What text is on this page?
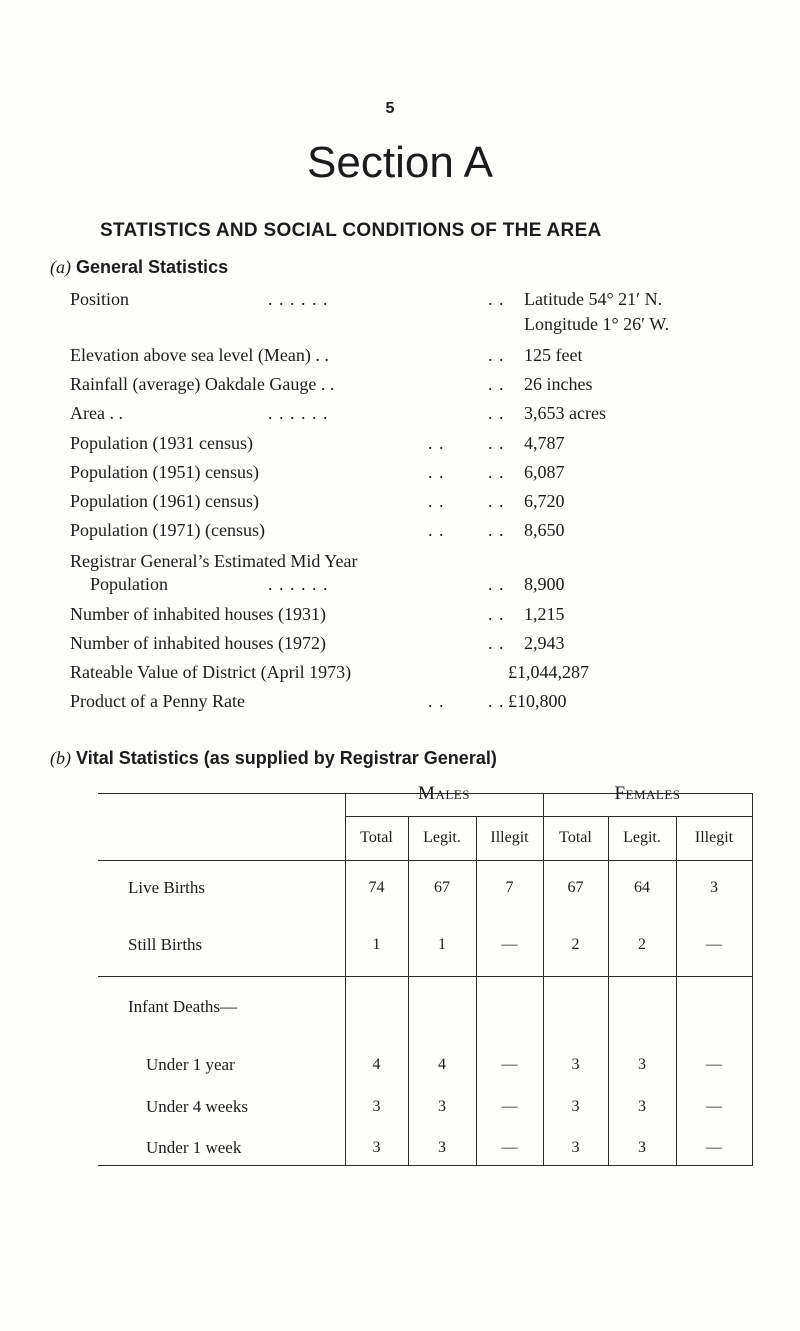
5
Section A
STATISTICS AND SOCIAL CONDITIONS OF THE AREA
(a) General Statistics
Position	. . . . . .	. . Latitude 54° 21′ N.
Longitude 1° 26′ W.
Elevation above sea level (Mean) . .	. . 125 feet
Rainfall (average) Oakdale Gauge . .	. . 26 inches
Area . .	. . . . . .	. . 3,653 acres
Population (1931 census)	. . . . 4,787
Population (1951) census)	. . . . 6,087
Population (1961) census)	. . . . 6,720
Population (1971) (census)	. . . . 8,650
Registrar General’s Estimated Mid Year
Population	. . . . . .	. . 8,900
Number of inhabited houses (1931)	. . 1,215
Number of inhabited houses (1972)	. . 2,943
Rateable Value of District (April 1973)	£1,044,287
Product of a Penny Rate	. . . . £10,800
(b) Vital Statistics (as supplied by Registrar General)
Males	Females
Total	Legit.	Illegit	Total	Legit.	Illegit
Live Births	74	67	7	67	64	3
Still Births	1	1	—	2	2	—
Infant Deaths—
Under 1 year	4	4	—	3	3	—
Under 4 weeks	3	3	—	3	3	—
Under 1 week	3	3	—	3	3	—
